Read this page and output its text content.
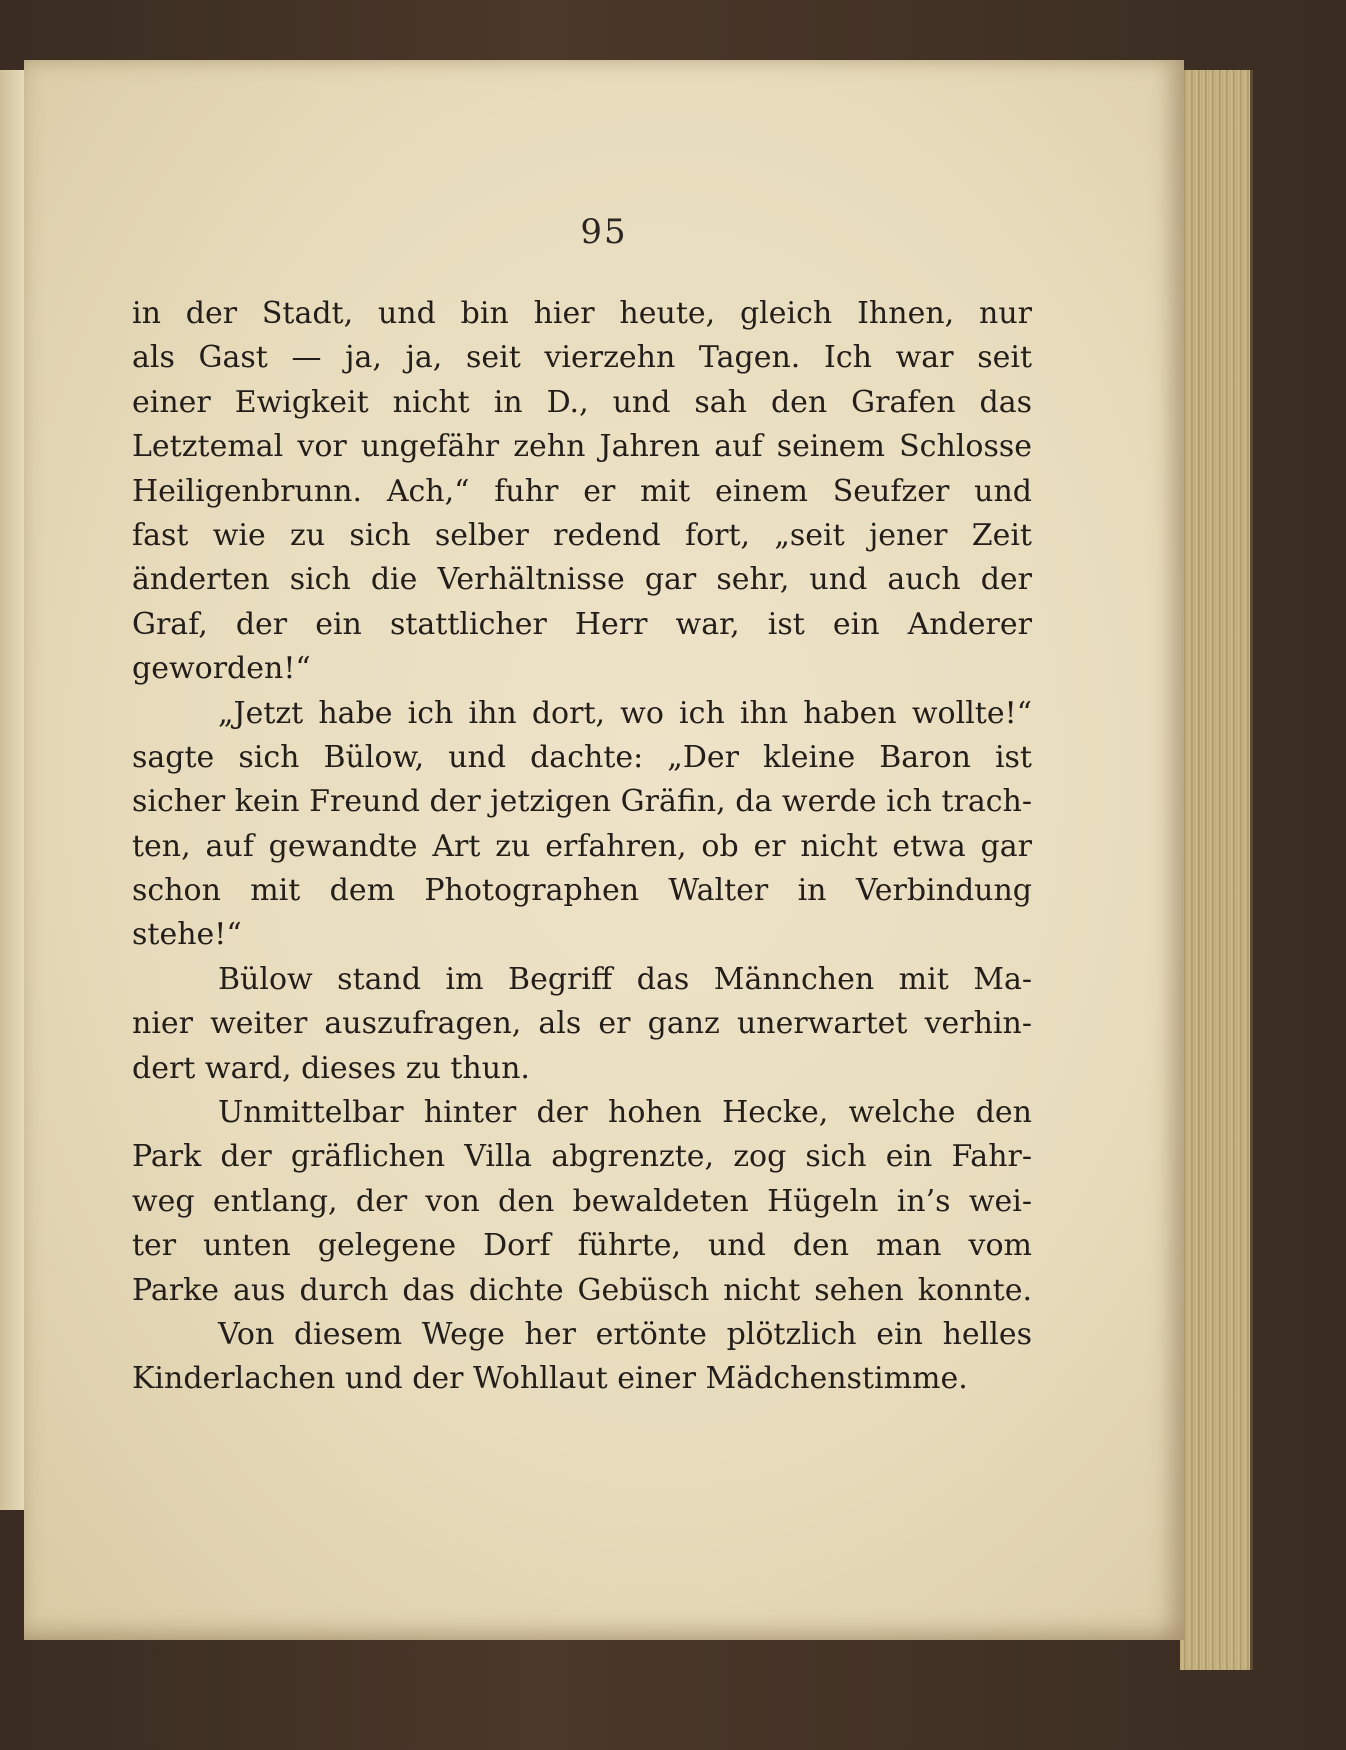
95
in der Stadt, und bin hier heute, gleich Ihnen, nur
als Gast — ja, ja, seit vierzehn Tagen. Ich war seit
einer Ewigkeit nicht in D., und sah den Grafen das
Letztemal vor ungefähr zehn Jahren auf seinem Schlosse
Heiligenbrunn. Ach,“ fuhr er mit einem Seufzer und
fast wie zu sich selber redend fort, „seit jener Zeit
änderten sich die Verhältnisse gar sehr, und auch der
Graf, der ein stattlicher Herr war, ist ein Anderer
geworden!“
„Jetzt habe ich ihn dort, wo ich ihn haben wollte!“
sagte sich Bülow, und dachte: „Der kleine Baron ist
sicher kein Freund der jetzigen Gräfin, da werde ich trach-
ten, auf gewandte Art zu erfahren, ob er nicht etwa gar
schon mit dem Photographen Walter in Verbindung
stehe!“
Bülow stand im Begriff das Männchen mit Ma-
nier weiter auszufragen, als er ganz unerwartet verhin-
dert ward, dieses zu thun.
Unmittelbar hinter der hohen Hecke, welche den
Park der gräflichen Villa abgrenzte, zog sich ein Fahr-
weg entlang, der von den bewaldeten Hügeln in’s wei-
ter unten gelegene Dorf führte, und den man vom
Parke aus durch das dichte Gebüsch nicht sehen konnte.
Von diesem Wege her ertönte plötzlich ein helles
Kinderlachen und der Wohllaut einer Mädchenstimme.
